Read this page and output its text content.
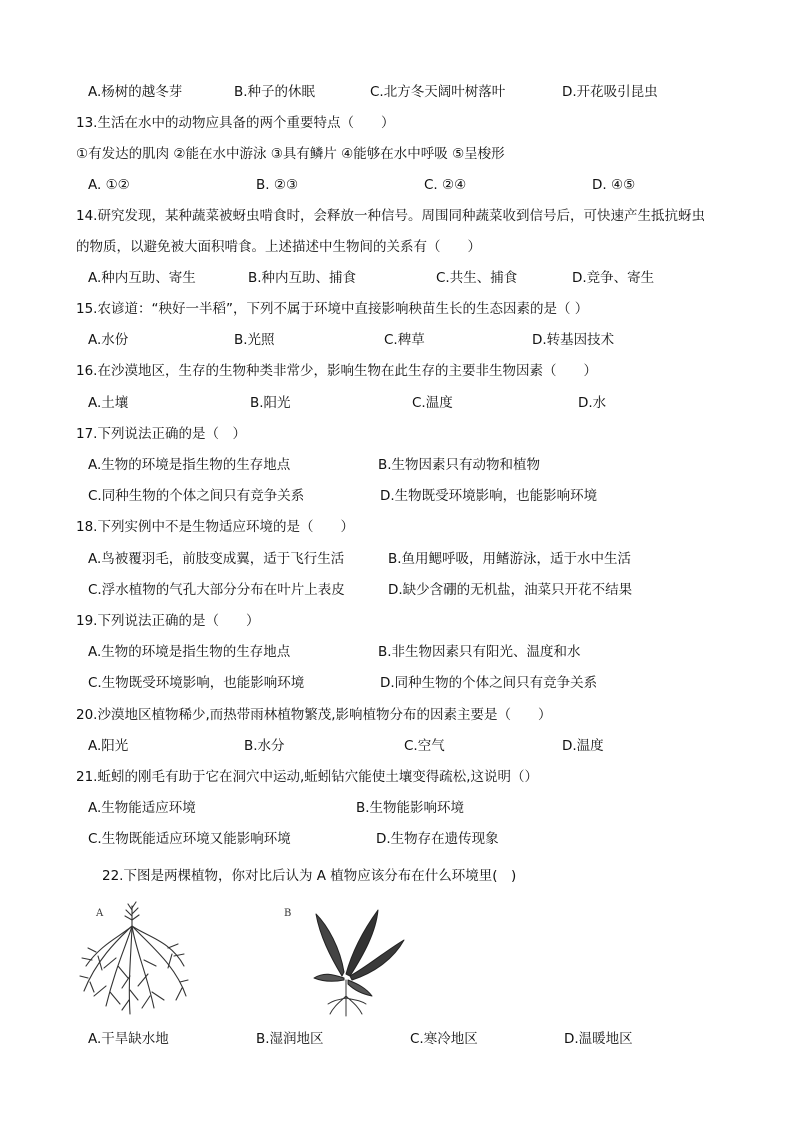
A.杨树的越冬芽	B.种子的休眠	C.北方冬天阔叶树落叶	D.开花吸引昆虫
13.生活在水中的动物应具备的两个重要特点（　　）
①有发达的肌肉 ②能在水中游泳 ③具有鳞片 ④能够在水中呼吸 ⑤呈梭形
A. ①②	B. ②③	C. ②④	D. ④⑤
14.研究发现，某种蔬菜被蚜虫啃食时，会释放一种信号。周围同种蔬菜收到信号后，可快速产生抵抗蚜虫
的物质，以避免被大面积啃食。上述描述中生物间的关系有（　　）
A.种内互助、寄生	B.种内互助、捕食	C.共生、捕食	D.竞争、寄生
15.农谚道：“秧好一半稻”，下列不属于环境中直接影响秧苗生长的生态因素的是（ ）
A.水份	B.光照	C.稗草	D.转基因技术
16.在沙漠地区，生存的生物种类非常少，影响生物在此生存的主要非生物因素（　　）
A.土壤	B.阳光	C.温度	D.水
17.下列说法正确的是（　）
A.生物的环境是指生物的生存地点	B.生物因素只有动物和植物
C.同种生物的个体之间只有竞争关系	D.生物既受环境影响，也能影响环境
18.下列实例中不是生物适应环境的是（　　）
A.鸟被覆羽毛，前肢变成翼，适于飞行生活	B.鱼用鳃呼吸，用鳍游泳，适于水中生活
C.浮水植物的气孔大部分分布在叶片上表皮	D.缺少含硼的无机盐，油菜只开花不结果
19.下列说法正确的是（　　）
A.生物的环境是指生物的生存地点	B.非生物因素只有阳光、温度和水
C.生物既受环境影响，也能影响环境	D.同种生物的个体之间只有竞争关系
20.沙漠地区植物稀少,而热带雨林植物繁茂,影响植物分布的因素主要是（　　）
A.阳光	B.水分	C.空气	D.温度
21.蚯蚓的刚毛有助于它在洞穴中运动,蚯蚓钻穴能使土壤变得疏松,这说明（）
A.生物能适应环境	B.生物能影响环境
C.生物既能适应环境又能影响环境	D.生物存在遗传现象
22.下图是两棵植物，你对比后认为 A 植物应该分布在什么环境里(　)
A	B
A.干旱缺水地	B.湿润地区	C.寒冷地区	D.温暖地区
